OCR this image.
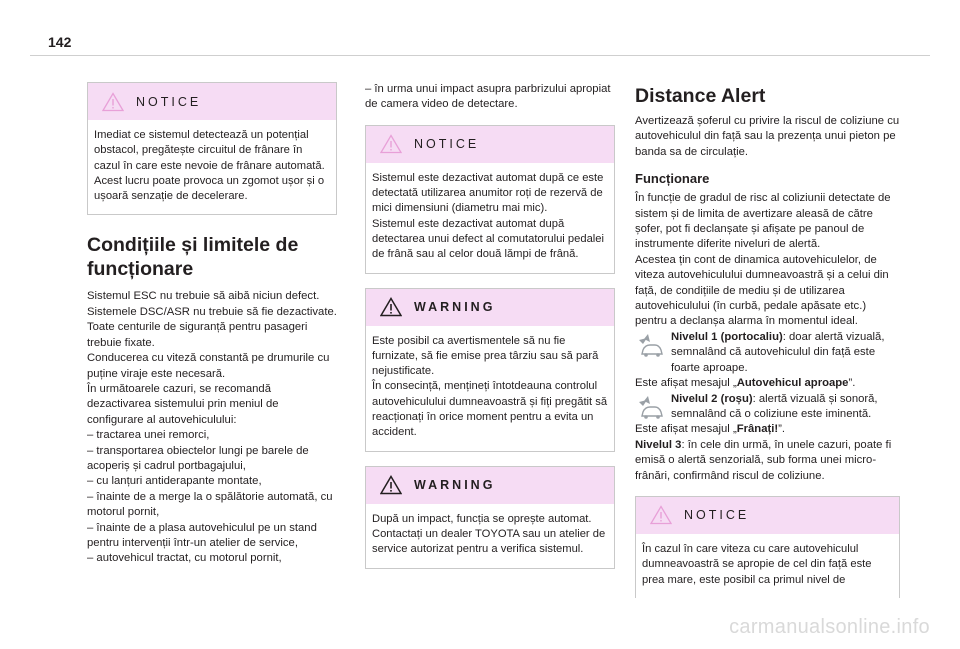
142
NOTICE

Imediat ce sistemul detectează un potențial obstacol, pregătește circuitul de frânare în cazul în care este nevoie de frânare automată. Acest lucru poate provoca un zgomot ușor și o ușoară senzație de decelerare.

Condițiile și limitele de funcționare

Sistemul ESC nu trebuie să aibă niciun defect.

Sistemele DSC/ASR nu trebuie să fie dezactivate.

Toate centurile de siguranță pentru pasageri trebuie fixate.

Conducerea cu viteză constantă pe drumurile cu puține viraje este necesară.

În următoarele cazuri, se recomandă dezactivarea sistemului prin meniul de configurare al autovehiculului:

– tractarea unei remorci,

– transportarea obiectelor lungi pe barele de acoperiș și cadrul portbagajului,

– cu lanțuri antiderapante montate,

– înainte de a merge la o spălătorie automată, cu motorul pornit,

– înainte de a plasa autovehiculul pe un stand pentru intervenții într-un atelier de service,

– autovehicul tractat, cu motorul pornit,

– în urma unui impact asupra parbrizului apropiat de camera video de detectare.

NOTICE

Sistemul este dezactivat automat după ce este detectată utilizarea anumitor roți de rezervă de mici dimensiuni (diametru mai mic).

Sistemul este dezactivat automat după detectarea unui defect al comutatorului pedalei de frână sau al celor două lămpi de frână.

WARNING

Este posibil ca avertismentele să nu fie furnizate, să fie emise prea târziu sau să pară nejustificate.

În consecință, mențineți întotdeauna controlul autovehiculului dumneavoastră și fiți pregătit să reacționați în orice moment pentru a evita un accident.

WARNING

După un impact, funcția se oprește automat. Contactați un dealer TOYOTA sau un atelier de service autorizat pentru a verifica sistemul.

Distance Alert

Avertizează șoferul cu privire la riscul de coliziune cu autovehiculul din față sau la prezența unui pieton pe banda sa de circulație.

Funcționare

În funcție de gradul de risc al coliziunii detectate de sistem și de limita de avertizare aleasă de către șofer, pot fi declanșate și afișate pe panoul de instrumente diferite niveluri de alertă.

Acestea țin cont de dinamica autovehiculelor, de viteza autovehiculului dumneavoastră și a celui din față, de condițiile de mediu și de utilizarea autovehiculului (în curbă, pedale apăsate etc.) pentru a declanșa alarma în momentul ideal.

Nivelul 1 (portocaliu): doar alertă vizuală, semnalând că autovehiculul din față este foarte aproape.

Este afișat mesajul „Autovehicul aproape”.

Nivelul 2 (roșu): alertă vizuală și sonoră, semnalând că o coliziune este iminentă.

Este afișat mesajul „Frânați!”.

Nivelul 3: în cele din urmă, în unele cazuri, poate fi emisă o alertă senzorială, sub forma unei micro-frânări, confirmând riscul de coliziune.

NOTICE

În cazul în care viteza cu care autovehiculul dumneavoastră se apropie de cel din față este prea mare, este posibil ca primul nivel de

carmanualsonline.info
